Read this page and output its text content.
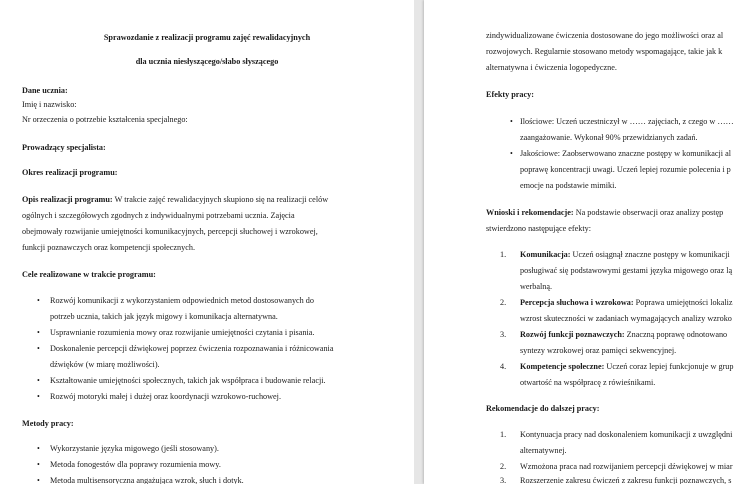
Sprawozdanie z realizacji programu zajęć rewalidacyjnych
dla ucznia niesłyszącego/słabo słyszącego
Dane ucznia:
Imię i nazwisko:
Nr orzeczenia o potrzebie kształcenia specjalnego:
Prowadzący specjalista:
Okres realizacji programu:
Opis realizacji programu: W trakcie zajęć rewalidacyjnych skupiono się na realizacji celów
ogólnych i szczegółowych zgodnych z indywidualnymi potrzebami ucznia. Zajęcia
obejmowały rozwijanie umiejętności komunikacyjnych, percepcji słuchowej i wzrokowej,
funkcji poznawczych oraz kompetencji społecznych.
Cele realizowane w trakcie programu:
• Rozwój komunikacji z wykorzystaniem odpowiednich metod dostosowanych do
potrzeb ucznia, takich jak język migowy i komunikacja alternatywna.
• Usprawnianie rozumienia mowy oraz rozwijanie umiejętności czytania i pisania.
• Doskonalenie percepcji dźwiękowej poprzez ćwiczenia rozpoznawania i różnicowania
dźwięków (w miarę możliwości).
• Kształtowanie umiejętności społecznych, takich jak współpraca i budowanie relacji.
• Rozwój motoryki małej i dużej oraz koordynacji wzrokowo-ruchowej.
Metody pracy:
• Wykorzystanie języka migowego (jeśli stosowany).
• Metoda fonogestów dla poprawy rozumienia mowy.
• Metoda multisensoryczna angażująca wzrok, słuch i dotyk.
zindywidualizowane ćwiczenia dostosowane do jego możliwości oraz al
rozwojowych. Regularnie stosowano metody wspomagające, takie jak k
alternatywna i ćwiczenia logopedyczne.
Efekty pracy:
• Ilościowe: Uczeń uczestniczył w …… zajęciach, z czego w ……
zaangażowanie. Wykonał 90% przewidzianych zadań.
• Jakościowe: Zaobserwowano znaczne postępy w komunikacji al
poprawę koncentracji uwagi. Uczeń lepiej rozumie polecenia i p
emocje na podstawie mimiki.
Wnioski i rekomendacje: Na podstawie obserwacji oraz analizy postęp
stwierdzono następujące efekty:
1. Komunikacja: Uczeń osiągnął znaczne postępy w komunikacji
posługiwać się podstawowymi gestami języka migowego oraz lą
werbalną.
2. Percepcja słuchowa i wzrokowa: Poprawa umiejętności lokaliz
wzrost skuteczności w zadaniach wymagających analizy wzroko
3. Rozwój funkcji poznawczych: Znaczną poprawę odnotowano
syntezy wzrokowej oraz pamięci sekwencyjnej.
4. Kompetencje społeczne: Uczeń coraz lepiej funkcjonuje w grup
otwartość na współpracę z rówieśnikami.
Rekomendacje do dalszej pracy:
1. Kontynuacja pracy nad doskonaleniem komunikacji z uwzględni
alternatywnej.
2. Wzmożona praca nad rozwijaniem percepcji dźwiękowej w miar
3. Rozszerzenie zakresu ćwiczeń z zakresu funkcji poznawczych, s
